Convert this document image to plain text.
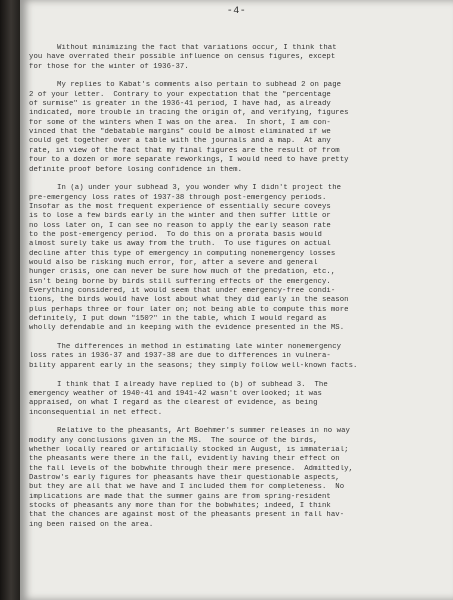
-4-
Without minimizing the fact that variations occur, I think that
you have overrated their possible influence on census figures, except
for those for the winter of 1936-37.
My replies to Kabat's comments also pertain to subhead 2 on page
2 of your letter.  Contrary to your expectation that the "percentage
of surmise" is greater in the 1936-41 period, I have had, as already
indicated, more trouble in tracing the origin of, and verifying, figures
for some of the winters when I was on the area.  In short, I am con-
vinced that the "debatable margins" could be almost eliminated if we
could get together over a table with the journals and a map.  At any
rate, in view of the fact that my final figures are the result of from
four to a dozen or more separate reworkings, I would need to have pretty
definite proof before losing confidence in them.
In (a) under your subhead 3, you wonder why I didn't project the
pre-emergency loss rates of 1937-38 through post-emergency periods.
Insofar as the most frequent experience of essentially secure coveys
is to lose a few birds early in the winter and then suffer little or
no loss later on, I can see no reason to apply the early season rate
to the post-emergency period.  To do this on a prorata basis would
almost surely take us away from the truth.  To use figures on actual
decline after this type of emergency in computing nonemergency losses
would also be risking much error, for, after a severe and general
hunger crisis, one can never be sure how much of the predation, etc.,
isn't being borne by birds still suffering effects of the emergency.
Everything considered, it would seem that under emergency-free condi-
tions, the birds would have lost about what they did early in the season
plus perhaps three or four later on; not being able to compute this more
definitely, I put down "150?" in the table, which I would regard as
wholly defendable and in keeping with the evidence presented in the MS.
The differences in method in estimating late winter nonemergency
loss rates in 1936-37 and 1937-38 are due to differences in vulnera-
bility apparent early in the seasons; they simply follow well-known facts.
I think that I already have replied to (b) of subhead 3.  The
emergency weather of 1940-41 and 1941-42 wasn't overlooked; it was
appraised, on what I regard as the clearest of evidence, as being
inconsequential in net effect.
Relative to the pheasants, Art Boehmer's summer releases in no way
modify any conclusions given in the MS.  The source of the birds,
whether locally reared or artificially stocked in August, is immaterial;
the pheasants were there in the fall, evidently having their effect on
the fall levels of the bobwhite through their mere presence.  Admittedly,
Dastrow's early figures for pheasants have their questionable aspects,
but they are all that we have and I included them for completeness.  No
implications are made that the summer gains are from spring-resident
stocks of pheasants any more than for the bobwhites; indeed, I think
that the chances are against most of the pheasants present in fall hav-
ing been raised on the area.
